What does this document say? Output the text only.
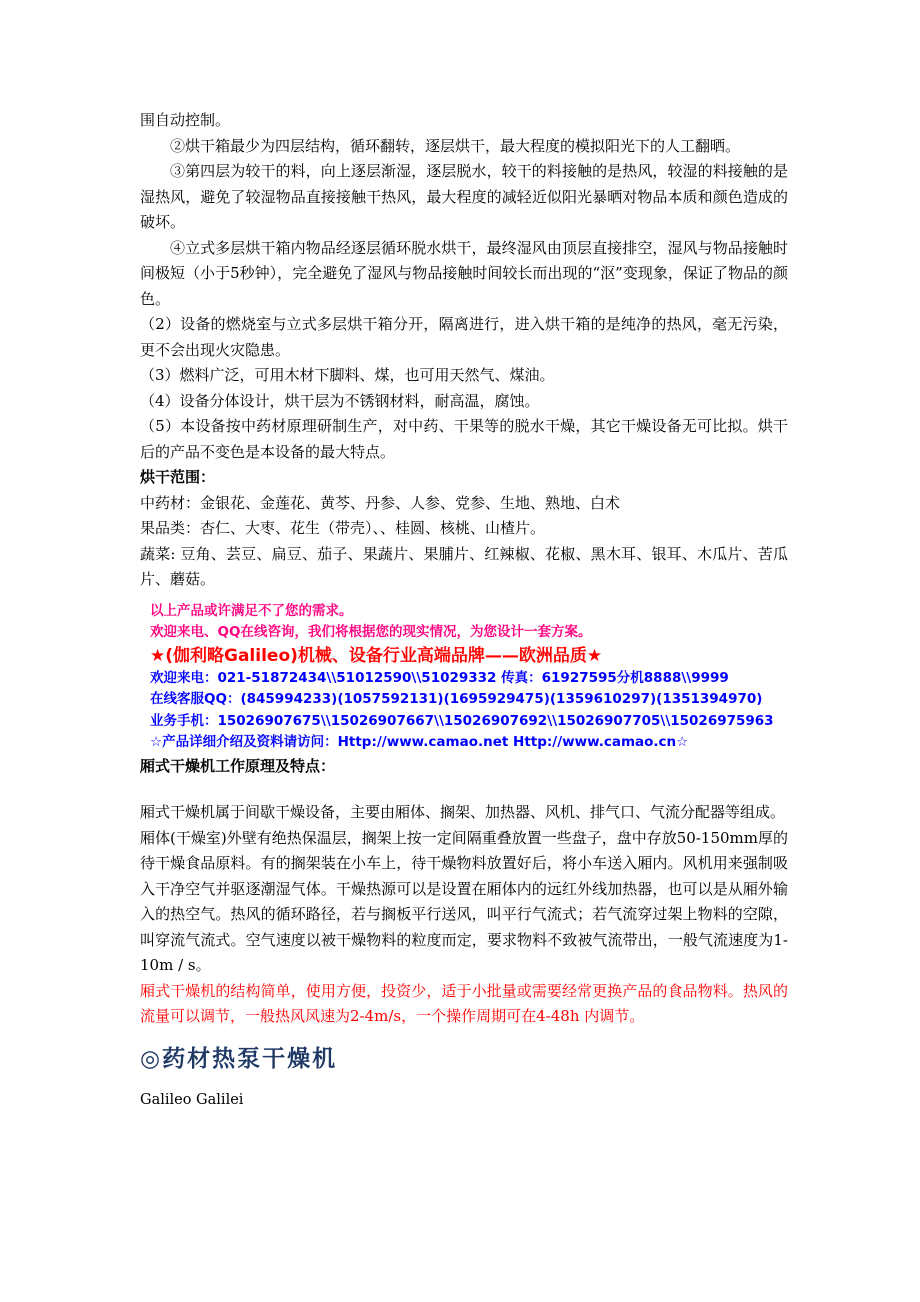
围自动控制。

②烘干箱最少为四层结构，循环翻转，逐层烘干，最大程度的模拟阳光下的人工翻晒。

③第四层为较干的料，向上逐层渐湿，逐层脱水，较干的料接触的是热风，较湿的料接触的是湿热风，避免了较湿物品直接接触干热风，最大程度的减轻近似阳光暴晒对物品本质和颜色造成的破坏。

④立式多层烘干箱内物品经逐层循环脱水烘干，最终湿风由顶层直接排空，湿风与物品接触时间极短（小于5秒钟），完全避免了湿风与物品接触时间较长而出现的“沤”变现象，保证了物品的颜色。

（2）设备的燃烧室与立式多层烘干箱分开，隔离进行，进入烘干箱的是纯净的热风，毫无污染，更不会出现火灾隐患。

（3）燃料广泛，可用木材下脚料、煤，也可用天然气、煤油。

（4）设备分体设计，烘干层为不锈钢材料，耐高温，腐蚀。

（5）本设备按中药材原理研制生产，对中药、干果等的脱水干燥，其它干燥设备无可比拟。烘干后的产品不变色是本设备的最大特点。

烘干范围：

中药材：金银花、金莲花、黄芩、丹参、人参、党参、生地、熟地、白术

果品类：杏仁、大枣、花生（带壳）、、桂圆、核桃、山楂片。

蔬菜: 豆角、芸豆、扁豆、茄子、果蔬片、果脯片、红辣椒、花椒、黑木耳、银耳、木瓜片、苦瓜片、蘑菇。

以上产品或许满足不了您的需求。
欢迎来电、QQ在线咨询，我们将根据您的现实情况，为您设计一套方案。
★(伽利略Galileo)机械、设备行业高端品牌——欧洲品质★
欢迎来电：021-51872434\\51012590\\51029332 传真：61927595分机8888\\9999
在线客服QQ：(845994233)(1057592131)(1695929475)(1359610297)(1351394970)
业务手机：15026907675\\15026907667\\15026907692\\15026907705\\15026975963
☆产品详细介绍及资料请访问：Http://www.camao.net Http://www.camao.cn☆

厢式干燥机工作原理及特点：

厢式干燥机属于间歇干燥设备，主要由厢体、搁架、加热器、风机、排气口、气流分配器等组成。

厢体(干燥室)外壁有绝热保温层，搁架上按一定间隔重叠放置一些盘子，盘中存放50-150mm厚的待干燥食品原料。有的搁架装在小车上，待干燥物料放置好后，将小车送入厢内。风机用来强制吸入干净空气并驱逐潮湿气体。干燥热源可以是设置在厢体内的远红外线加热器，也可以是从厢外输入的热空气。热风的循环路径，若与搁板平行送风，叫平行气流式；若气流穿过架上物料的空隙，叫穿流气流式。空气速度以被干燥物料的粒度而定，要求物料不致被气流带出，一般气流速度为1-10m / s。

厢式干燥机的结构简单，使用方便，投资少，适于小批量或需要经常更换产品的食品物料。热风的流量可以调节，一般热风风速为2-4m/s，一个操作周期可在4-48h 内调节。

◎药材热泵干燥机
Galileo Galilei
